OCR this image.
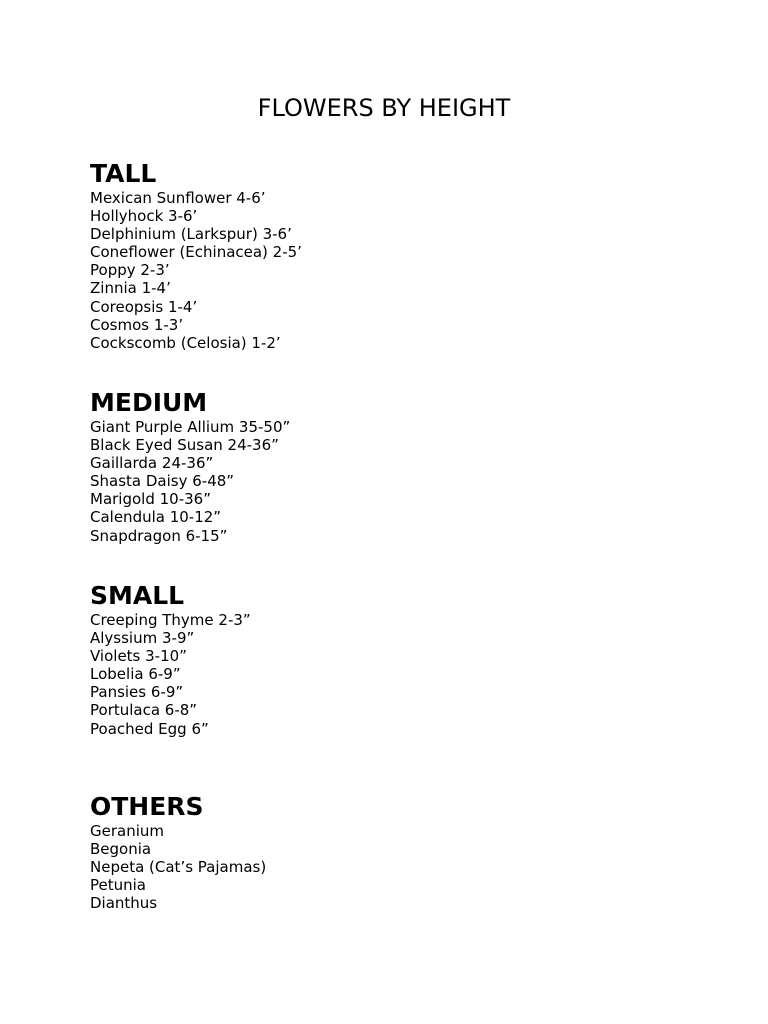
FLOWERS BY HEIGHT
TALL
Mexican Sunflower 4-6’
Hollyhock 3-6’
Delphinium (Larkspur) 3-6’
Coneflower (Echinacea) 2-5’
Poppy 2-3’
Zinnia 1-4’
Coreopsis 1-4’
Cosmos 1-3’
Cockscomb (Celosia) 1-2’
MEDIUM
Giant Purple Allium 35-50”
Black Eyed Susan 24-36”
Gaillarda 24-36”
Shasta Daisy 6-48”
Marigold 10-36”
Calendula 10-12”
Snapdragon 6-15”
SMALL
Creeping Thyme 2-3”
Alyssium 3-9”
Violets 3-10”
Lobelia 6-9”
Pansies 6-9”
Portulaca 6-8”
Poached Egg 6”
OTHERS
Geranium
Begonia
Nepeta (Cat’s Pajamas)
Petunia
Dianthus
